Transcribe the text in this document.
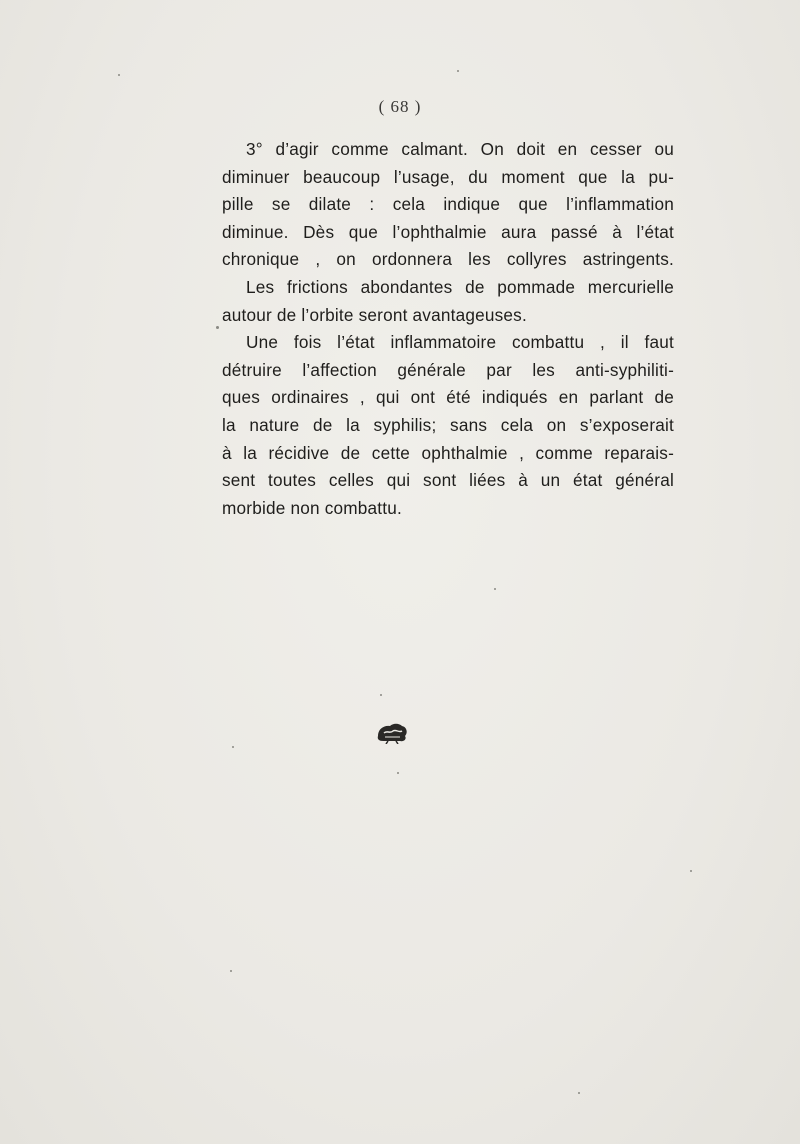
( 68 )
3° d’agir comme calmant. On doit en cesser ou
diminuer beaucoup l’usage, du moment que la pu-
pille se dilate : cela indique que l’inflammation
diminue. Dès que l’ophthalmie aura passé à l’état
chronique , on ordonnera les collyres astringents.
Les frictions abondantes de pommade mercurielle
autour de l’orbite seront avantageuses.
Une fois l’état inflammatoire combattu , il faut
détruire l’affection générale par les anti-syphiliti-
ques ordinaires , qui ont été indiqués en parlant de
la nature de la syphilis; sans cela on s’exposerait
à la récidive de cette ophthalmie , comme reparais-
sent toutes celles qui sont liées à un état général
morbide non combattu.
